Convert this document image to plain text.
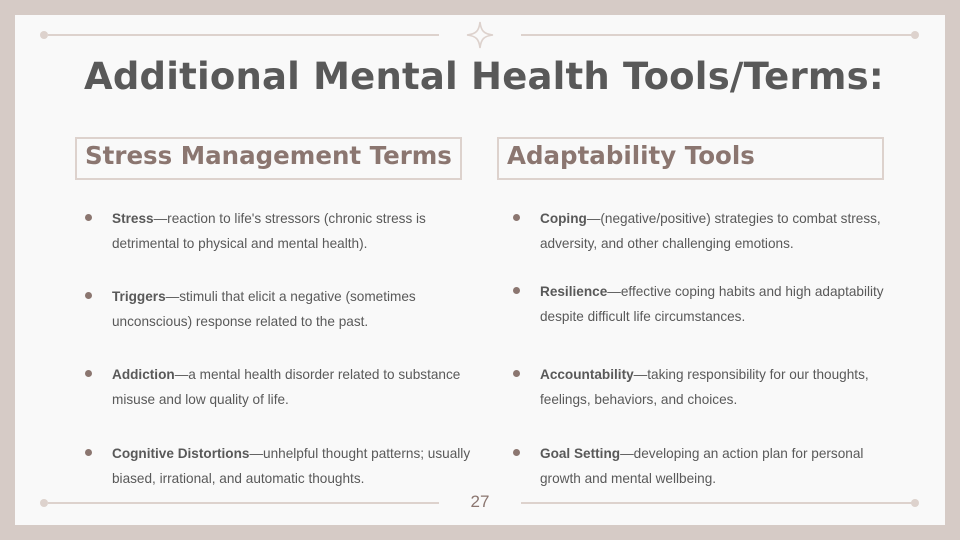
Additional Mental Health Tools/Terms:
Stress Management Terms

Stress—reaction to life's stressors (chronic stress is detrimental to physical and mental health).

Triggers—stimuli that elicit a negative (sometimes unconscious) response related to the past.

Addiction—a mental health disorder related to substance misuse and low quality of life.

Cognitive Distortions—unhelpful thought patterns; usually biased, irrational, and automatic thoughts.

Adaptability Tools

Coping—(negative/positive) strategies to combat stress, adversity, and other challenging emotions.

Resilience—effective coping habits and high adaptability despite difficult life circumstances.

Accountability—taking responsibility for our thoughts, feelings, behaviors, and choices.

Goal Setting—developing an action plan for personal growth and mental wellbeing.

27
